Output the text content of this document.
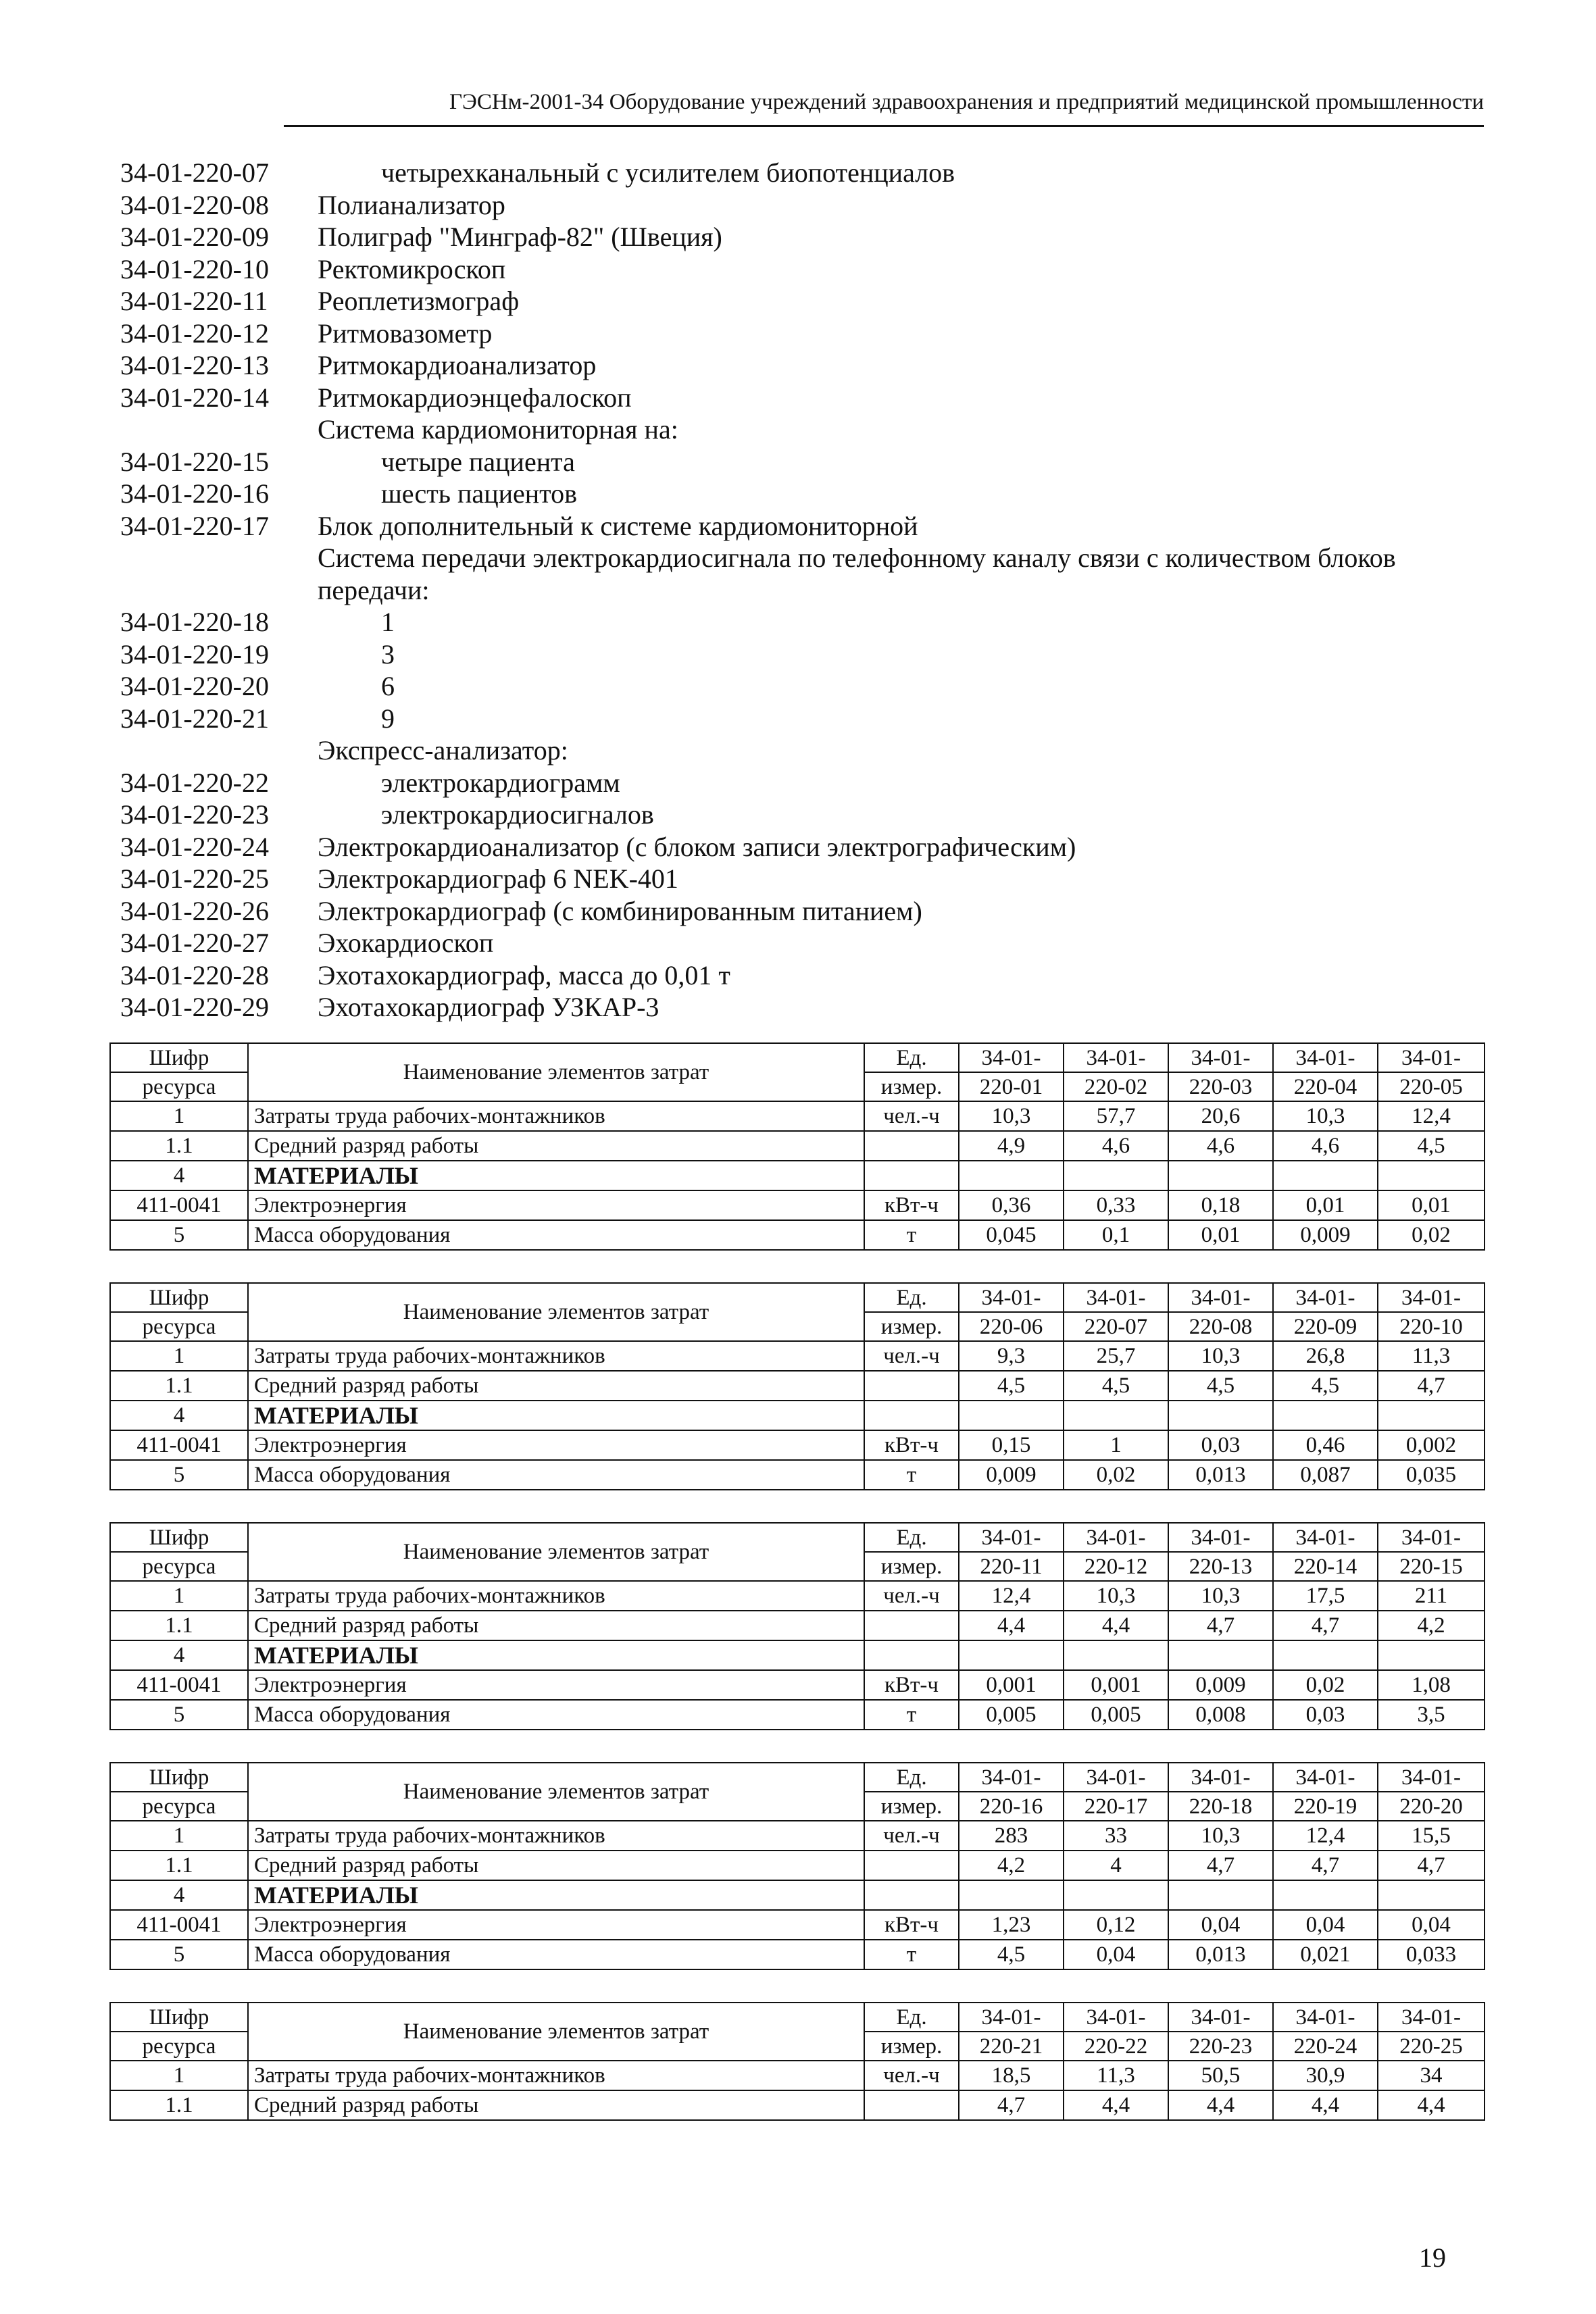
ГЭСНм-2001-34 Оборудование учреждений здравоохранения и предприятий медицинской промышленности
34-01-220-07	четырехканальный с усилителем биопотенциалов
34-01-220-08	Полианализатор
34-01-220-09	Полиграф "Минграф-82" (Швеция)
34-01-220-10	Ректомикроскоп
34-01-220-11	Реоплетизмограф
34-01-220-12	Ритмовазометр
34-01-220-13	Ритмокардиоанализатор
34-01-220-14	Ритмокардиоэнцефалоскоп
Система кардиомониторная на:
34-01-220-15	четыре пациента
34-01-220-16	шесть пациентов
34-01-220-17	Блок дополнительный к системе кардиомониторной
Система передачи электрокардиосигнала по телефонному каналу связи с количеством блоков
передачи:
34-01-220-18	1
34-01-220-19	3
34-01-220-20	6
34-01-220-21	9
Экспресс-анализатор:
34-01-220-22	электрокардиограмм
34-01-220-23	электрокардиосигналов
34-01-220-24	Электрокардиоанализатор (с блоком записи электрографическим)
34-01-220-25	Электрокардиограф 6 NEK-401
34-01-220-26	Электрокардиограф (с комбинированным питанием)
34-01-220-27	Эхокардиоскоп
34-01-220-28	Эхотахокардиограф, масса до 0,01 т
34-01-220-29	Эхотахокардиограф УЗКАР-3
Шифр	Наименование элементов затрат	Ед.	34-01-	34-01-	34-01-	34-01-	34-01-
ресурса		измер.	220-01	220-02	220-03	220-04	220-05
1	Затраты труда рабочих-монтажников	чел.-ч	10,3	57,7	20,6	10,3	12,4
1.1	Средний разряд работы		4,9	4,6	4,6	4,6	4,5
4	МАТЕРИАЛЫ						
411-0041	Электроэнергия	кВт-ч	0,36	0,33	0,18	0,01	0,01
5	Масса оборудования	т	0,045	0,1	0,01	0,009	0,02
Шифр	Наименование элементов затрат	Ед.	34-01-	34-01-	34-01-	34-01-	34-01-
ресурса		измер.	220-06	220-07	220-08	220-09	220-10
1	Затраты труда рабочих-монтажников	чел.-ч	9,3	25,7	10,3	26,8	11,3
1.1	Средний разряд работы		4,5	4,5	4,5	4,5	4,7
4	МАТЕРИАЛЫ						
411-0041	Электроэнергия	кВт-ч	0,15	1	0,03	0,46	0,002
5	Масса оборудования	т	0,009	0,02	0,013	0,087	0,035
Шифр	Наименование элементов затрат	Ед.	34-01-	34-01-	34-01-	34-01-	34-01-
ресурса		измер.	220-11	220-12	220-13	220-14	220-15
1	Затраты труда рабочих-монтажников	чел.-ч	12,4	10,3	10,3	17,5	211
1.1	Средний разряд работы		4,4	4,4	4,7	4,7	4,2
4	МАТЕРИАЛЫ						
411-0041	Электроэнергия	кВт-ч	0,001	0,001	0,009	0,02	1,08
5	Масса оборудования	т	0,005	0,005	0,008	0,03	3,5
Шифр	Наименование элементов затрат	Ед.	34-01-	34-01-	34-01-	34-01-	34-01-
ресурса		измер.	220-16	220-17	220-18	220-19	220-20
1	Затраты труда рабочих-монтажников	чел.-ч	283	33	10,3	12,4	15,5
1.1	Средний разряд работы		4,2	4	4,7	4,7	4,7
4	МАТЕРИАЛЫ						
411-0041	Электроэнергия	кВт-ч	1,23	0,12	0,04	0,04	0,04
5	Масса оборудования	т	4,5	0,04	0,013	0,021	0,033
Шифр	Наименование элементов затрат	Ед.	34-01-	34-01-	34-01-	34-01-	34-01-
ресурса		измер.	220-21	220-22	220-23	220-24	220-25
1	Затраты труда рабочих-монтажников	чел.-ч	18,5	11,3	50,5	30,9	34
1.1	Средний разряд работы		4,7	4,4	4,4	4,4	4,4
19
